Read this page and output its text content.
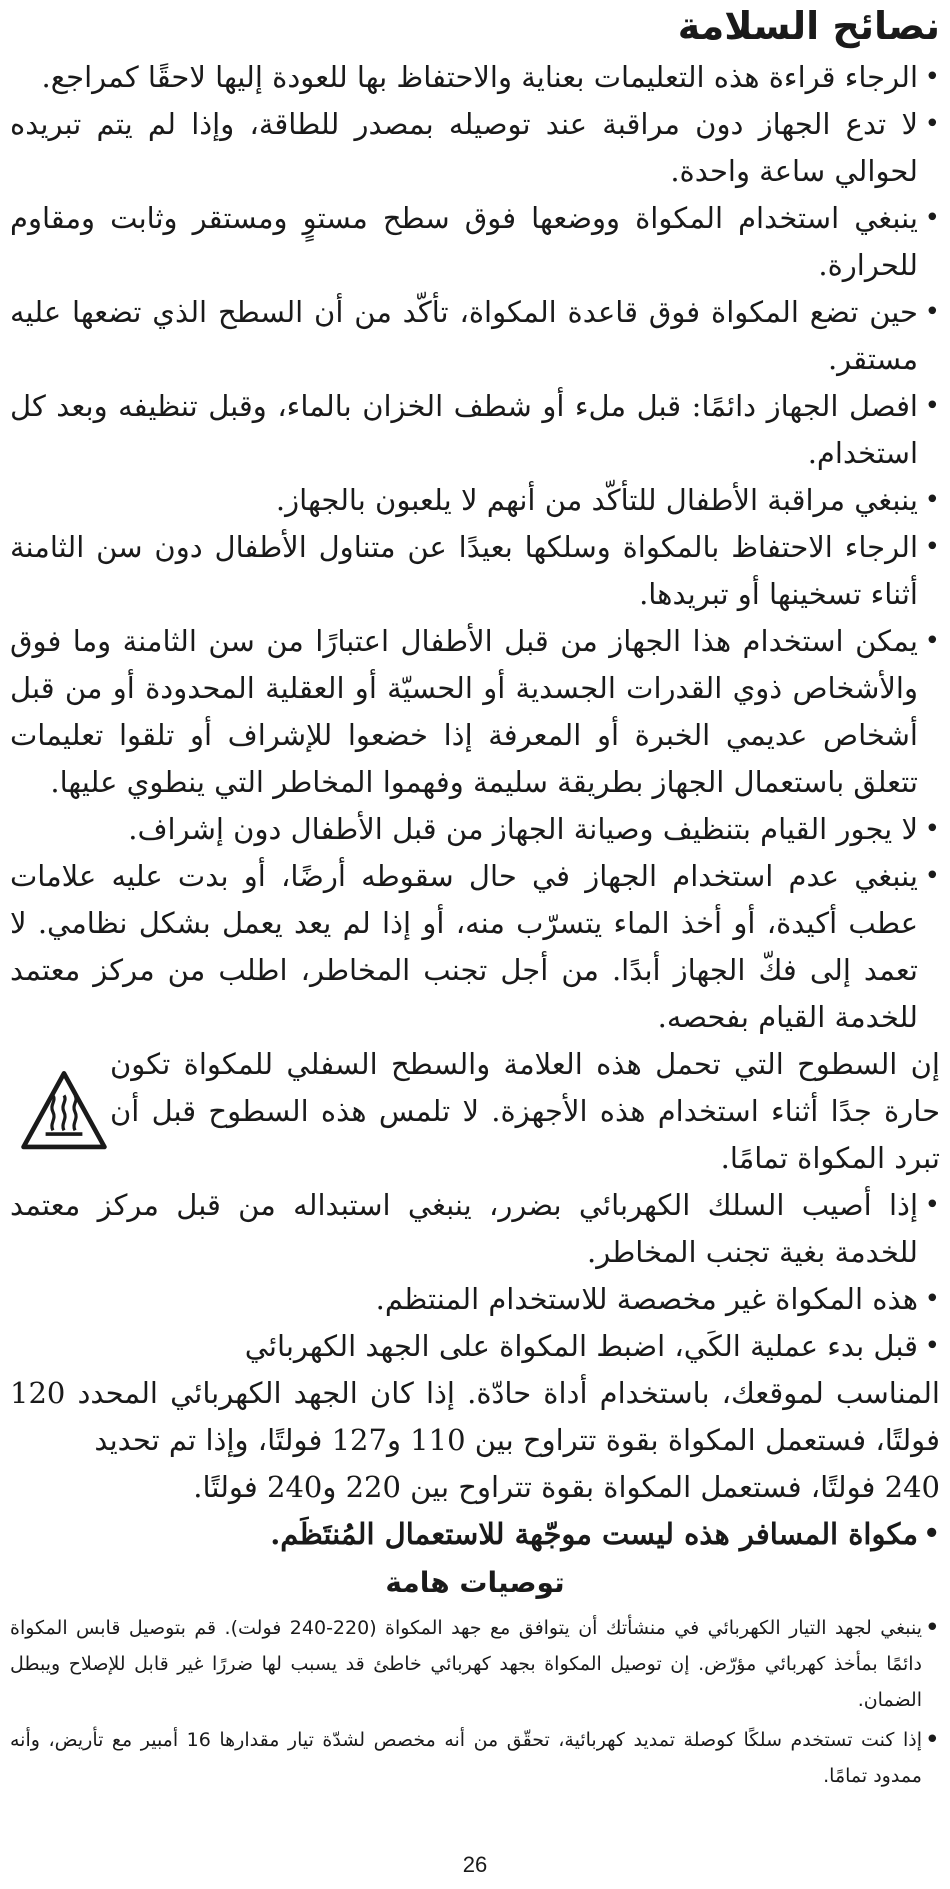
نصائح السلامة
• الرجاء قراءة هذه التعليمات بعناية والاحتفاظ بها للعودة إليها لاحقًا كمراجع.
• لا تدع الجهاز دون مراقبة عند توصيله بمصدر للطاقة، وإذا لم يتم تبريده لحوالي ساعة واحدة.
• ينبغي استخدام المكواة ووضعها فوق سطح مستوٍ ومستقر وثابت ومقاوم للحرارة.
• حين تضع المكواة فوق قاعدة المكواة، تأكّد من أن السطح الذي تضعها عليه مستقر.
• افصل الجهاز دائمًا: قبل ملء أو شطف الخزان بالماء، وقبل تنظيفه وبعد كل استخدام.
• ينبغي مراقبة الأطفال للتأكّد من أنهم لا يلعبون بالجهاز.
• الرجاء الاحتفاظ بالمكواة وسلكها بعيدًا عن متناول الأطفال دون سن الثامنة أثناء تسخينها أو تبريدها.
• يمكن استخدام هذا الجهاز من قبل الأطفال اعتبارًا من سن الثامنة وما فوق والأشخاص ذوي القدرات الجسدية أو الحسيّة أو العقلية المحدودة أو من قبل أشخاص عديمي الخبرة أو المعرفة إذا خضعوا للإشراف أو تلقوا تعليمات تتعلق باستعمال الجهاز بطريقة سليمة وفهموا المخاطر التي ينطوي عليها.
• لا يجور القيام بتنظيف وصيانة الجهاز من قبل الأطفال دون إشراف.
• ينبغي عدم استخدام الجهاز في حال سقوطه أرضًا، أو بدت عليه علامات عطب أكيدة، أو أخذ الماء يتسرّب منه، أو إذا لم يعد يعمل بشكل نظامي. لا تعمد إلى فكّ الجهاز أبدًا. من أجل تجنب المخاطر، اطلب من مركز معتمد للخدمة القيام بفحصه.
إن السطوح التي تحمل هذه العلامة والسطح السفلي للمكواة تكون حارة جدًا أثناء استخدام هذه الأجهزة. لا تلمس هذه السطوح قبل أن تبرد المكواة تمامًا.
• إذا أصيب السلك الكهربائي بضرر، ينبغي استبداله من قبل مركز معتمد للخدمة بغية تجنب المخاطر.
• هذه المكواة غير مخصصة للاستخدام المنتظم.
• قبل بدء عملية الكَي، اضبط المكواة على الجهد الكهربائي

المناسب لموقعك، باستخدام أداة حادّة. إذا كان الجهد الكهربائي المحدد 120 فولتًا، فستعمل المكواة بقوة تتراوح بين 110 و127 فولتًا، وإذا تم تحديد

240 فولتًا، فستعمل المكواة بقوة تتراوح بين 220 و240 فولتًا.

• مكواة المسافر هذه ليست موجّهة للاستعمال المُنتَظَم.
توصيات هامة
• ينبغي لجهد التيار الكهربائي في منشأتك أن يتوافق مع جهد المكواة (220-240 فولت). قم بتوصيل قابس المكواة دائمًا بمأخذ كهربائي مؤرّض. إن توصيل المكواة بجهد كهربائي خاطئ قد يسبب لها ضررًا غير قابل للإصلاح ويبطل الضمان.
• إذا كنت تستخدم سلكًا كوصلة تمديد كهربائية، تحقّق من أنه مخصص لشدّة تيار مقدارها 16 أمبير مع تأريض، وأنه ممدود تمامًا.
26
